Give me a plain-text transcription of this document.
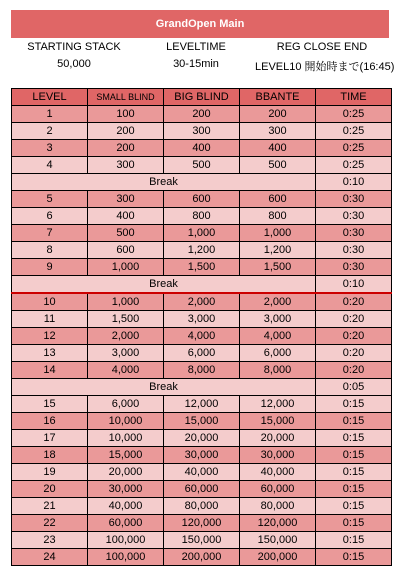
GrandOpen Main
STARTING STACK	LEVELTIME	REG CLOSE END
50,000	30-15min	LEVEL10 開始時まで(16:45)
LEVEL	SMALL BLIND	BIG BLIND	BBANTE	TIME
1	100	200	200	0:25
2	200	300	300	0:25
3	200	400	400	0:25
4	300	500	500	0:25
Break				0:10
5	300	600	600	0:30
6	400	800	800	0:30
7	500	1,000	1,000	0:30
8	600	1,200	1,200	0:30
9	1,000	1,500	1,500	0:30
Break				0:10
10	1,000	2,000	2,000	0:20
11	1,500	3,000	3,000	0:20
12	2,000	4,000	4,000	0:20
13	3,000	6,000	6,000	0:20
14	4,000	8,000	8,000	0:20
Break				0:05
15	6,000	12,000	12,000	0:15
16	10,000	15,000	15,000	0:15
17	10,000	20,000	20,000	0:15
18	15,000	30,000	30,000	0:15
19	20,000	40,000	40,000	0:15
20	30,000	60,000	60,000	0:15
21	40,000	80,000	80,000	0:15
22	60,000	120,000	120,000	0:15
23	100,000	150,000	150,000	0:15
24	100,000	200,000	200,000	0:15
